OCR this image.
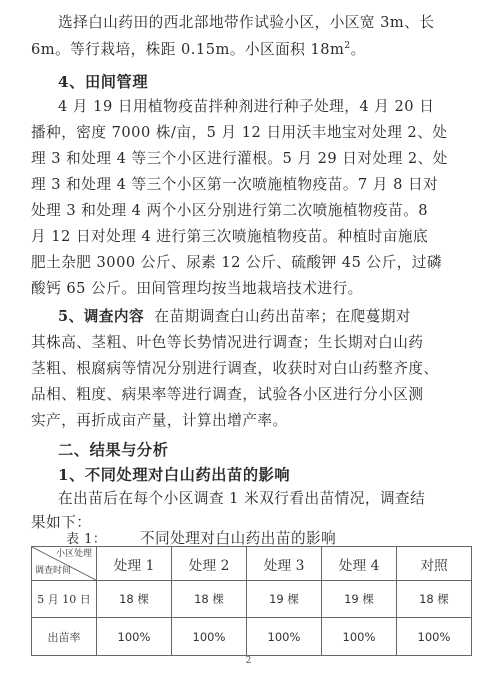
选择白山药田的西北部地带作试验小区，小区宽 3m、长

6m。等行栽培，株距 0.15m。小区面积 $18m^2$。

4、田间管理

4 月 19 日用植物疫苗拌种剂进行种子处理，4 月 20 日

播种，密度 7000 株/亩，5 月 12 日用沃丰地宝对处理 2、处

理 3 和处理 4 等三个小区进行灌根。5 月 29 日对处理 2、处

理 3 和处理 4 等三个小区第一次喷施植物疫苗。7 月 8 日对

处理 3 和处理 4 两个小区分别进行第二次喷施植物疫苗。8

月 12 日对处理 4 进行第三次喷施植物疫苗。种植时亩施底

肥土杂肥 3000 公斤、尿素 12 公斤、硫酸钾 45 公斤，过磷

酸钙 65 公斤。田间管理均按当地栽培技术进行。

5、调查内容 在苗期调查白山药出苗率；在爬蔓期对

其株高、茎粗、叶色等长势情况进行调查；生长期对白山药

茎粗、根腐病等情况分别进行调查，收获时对白山药整齐度、

品相、粗度、病果率等进行调查，试验各小区进行分小区测

实产，再折成亩产量，计算出增产率。

二、结果与分析
1、不同处理对白山药出苗的影响

在出苗后在每个小区调查 1 米双行看出苗情况，调查结

果如下：

表 1： 不同处理对白山药出苗的影响
小区处理
调查时间	处理 1	处理 2	处理 3	处理 4	对照
5 月 10 日	18 棵	18 棵	19 棵	19 棵	18 棵
出苗率	100%	100%	100%	100%	100%
2
